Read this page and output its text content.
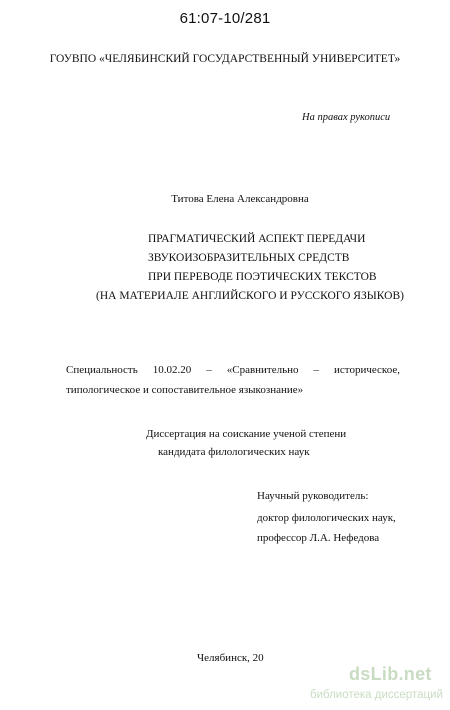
61:07-10/281
ГОУВПО «ЧЕЛЯБИНСКИЙ ГОСУДАРСТВЕННЫЙ УНИВЕРСИТЕТ»
На правах рукописи
Титова Елена Александровна
ПРАГМАТИЧЕСКИЙ АСПЕКТ ПЕРЕДАЧИ
ЗВУКОИЗОБРАЗИТЕЛЬНЫХ СРЕДСТВ
ПРИ ПЕРЕВОДЕ ПОЭТИЧЕСКИХ ТЕКСТОВ
(НА МАТЕРИАЛЕ АНГЛИЙСКОГО И РУССКОГО ЯЗЫКОВ)
Специальность 10.02.20 – «Сравнительно – историческое,
типологическое и сопоставительное языкознание»
Диссертация на соискание ученой степени
кандидата филологических наук
Научный руководитель:
доктор филологических наук,
профессор Л.А. Нефедова
Челябинск, 20
dsLib.net
библиотека диссертаций
